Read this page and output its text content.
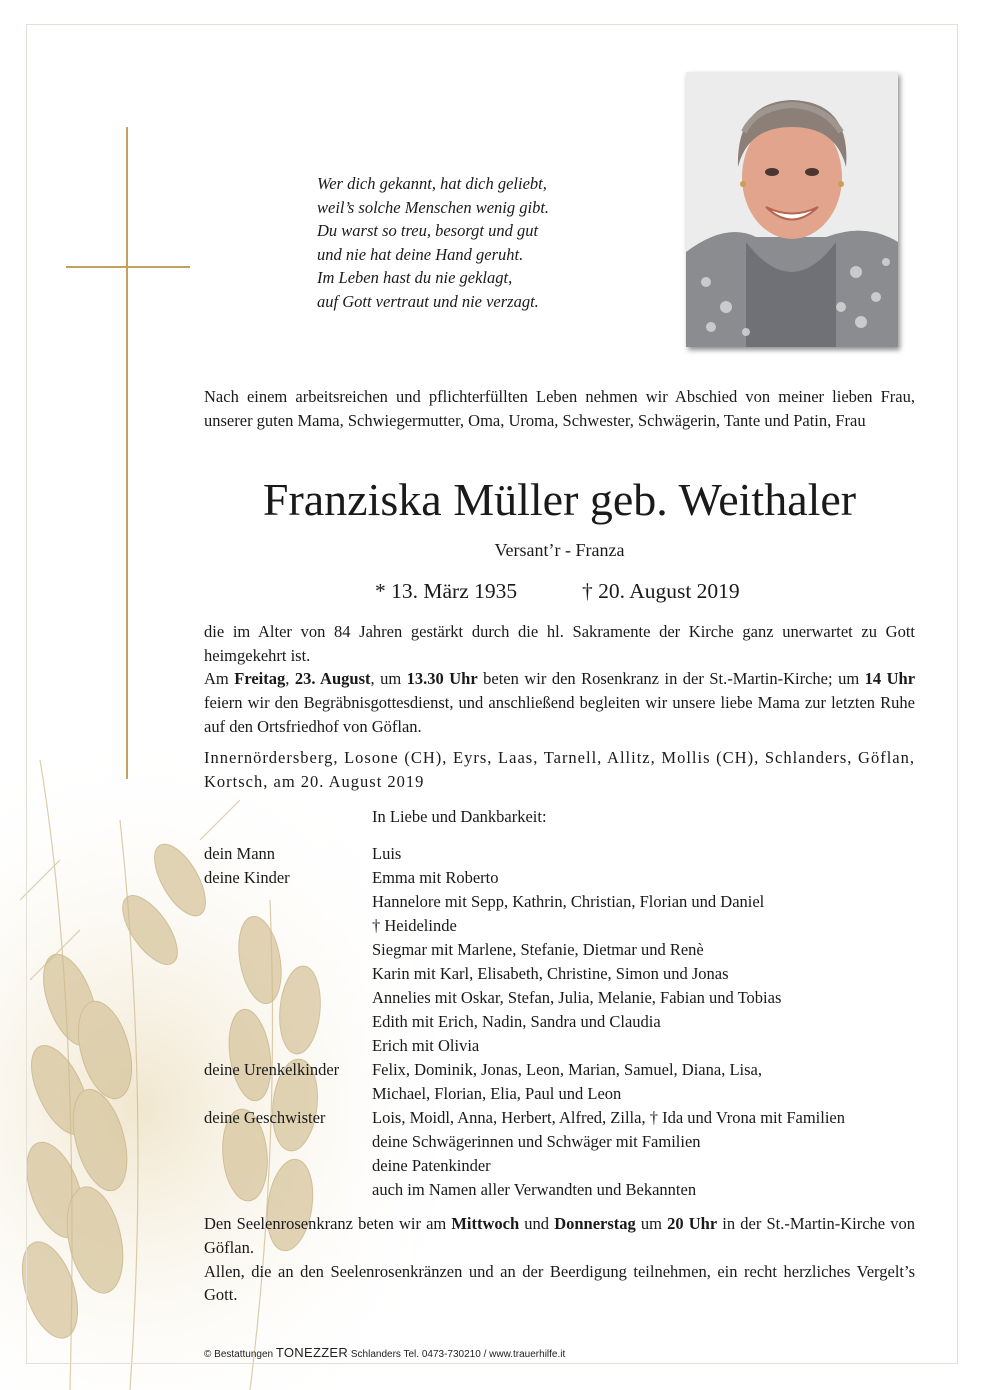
Wer dich gekannt, hat dich geliebt,
weil’s solche Menschen wenig gibt.
Du warst so treu, besorgt und gut
und nie hat deine Hand geruht.
Im Leben hast du nie geklagt,
auf Gott vertraut und nie verzagt.
Nach einem arbeitsreichen und pflichterfüllten Leben nehmen wir Abschied von meiner lieben Frau, unserer guten Mama, Schwiegermutter, Oma, Uroma, Schwester, Schwägerin, Tante und Patin, Frau
Franziska Müller geb. Weithaler
Versant’r - Franza
* 13. März 1935	† 20. August 2019
die im Alter von 84 Jahren gestärkt durch die hl. Sakramente der Kirche ganz unerwartet zu Gott heimgekehrt ist.
Am Freitag, 23. August, um 13.30 Uhr beten wir den Rosenkranz in der St.-Martin-Kirche; um 14 Uhr feiern wir den Begräbnisgottesdienst, und anschließend begleiten wir unsere liebe Mama zur letzten Ruhe auf den Ortsfriedhof von Göflan.
Innernördersberg, Losone (CH), Eyrs, Laas, Tarnell, Allitz, Mollis (CH), Schlanders, Göflan, Kortsch, am 20. August 2019
In Liebe und Dankbarkeit:
dein Mann
deine Kinder
deine Urenkelkinder
deine Geschwister
Luis
Emma mit Roberto
Hannelore mit Sepp, Kathrin, Christian, Florian und Daniel
† Heidelinde
Siegmar mit Marlene, Stefanie, Dietmar und Renè
Karin mit Karl, Elisabeth, Christine, Simon und Jonas
Annelies mit Oskar, Stefan, Julia, Melanie, Fabian und Tobias
Edith mit Erich, Nadin, Sandra und Claudia
Erich mit Olivia
Felix, Dominik, Jonas, Leon, Marian, Samuel, Diana, Lisa,
Michael, Florian, Elia, Paul und Leon
Lois, Moidl, Anna, Herbert, Alfred, Zilla, † Ida und Vrona mit Familien
deine Schwägerinnen und Schwäger mit Familien
deine Patenkinder
auch im Namen aller Verwandten und Bekannten
Den Seelenrosenkranz beten wir am Mittwoch und Donnerstag um 20 Uhr in der St.-Martin-Kirche von Göflan.
Allen, die an den Seelenrosenkränzen und an der Beerdigung teilnehmen, ein recht herzliches Vergelt’s Gott.
© Bestattungen TONEZZER Schlanders Tel. 0473-730210 / www.trauerhilfe.it
